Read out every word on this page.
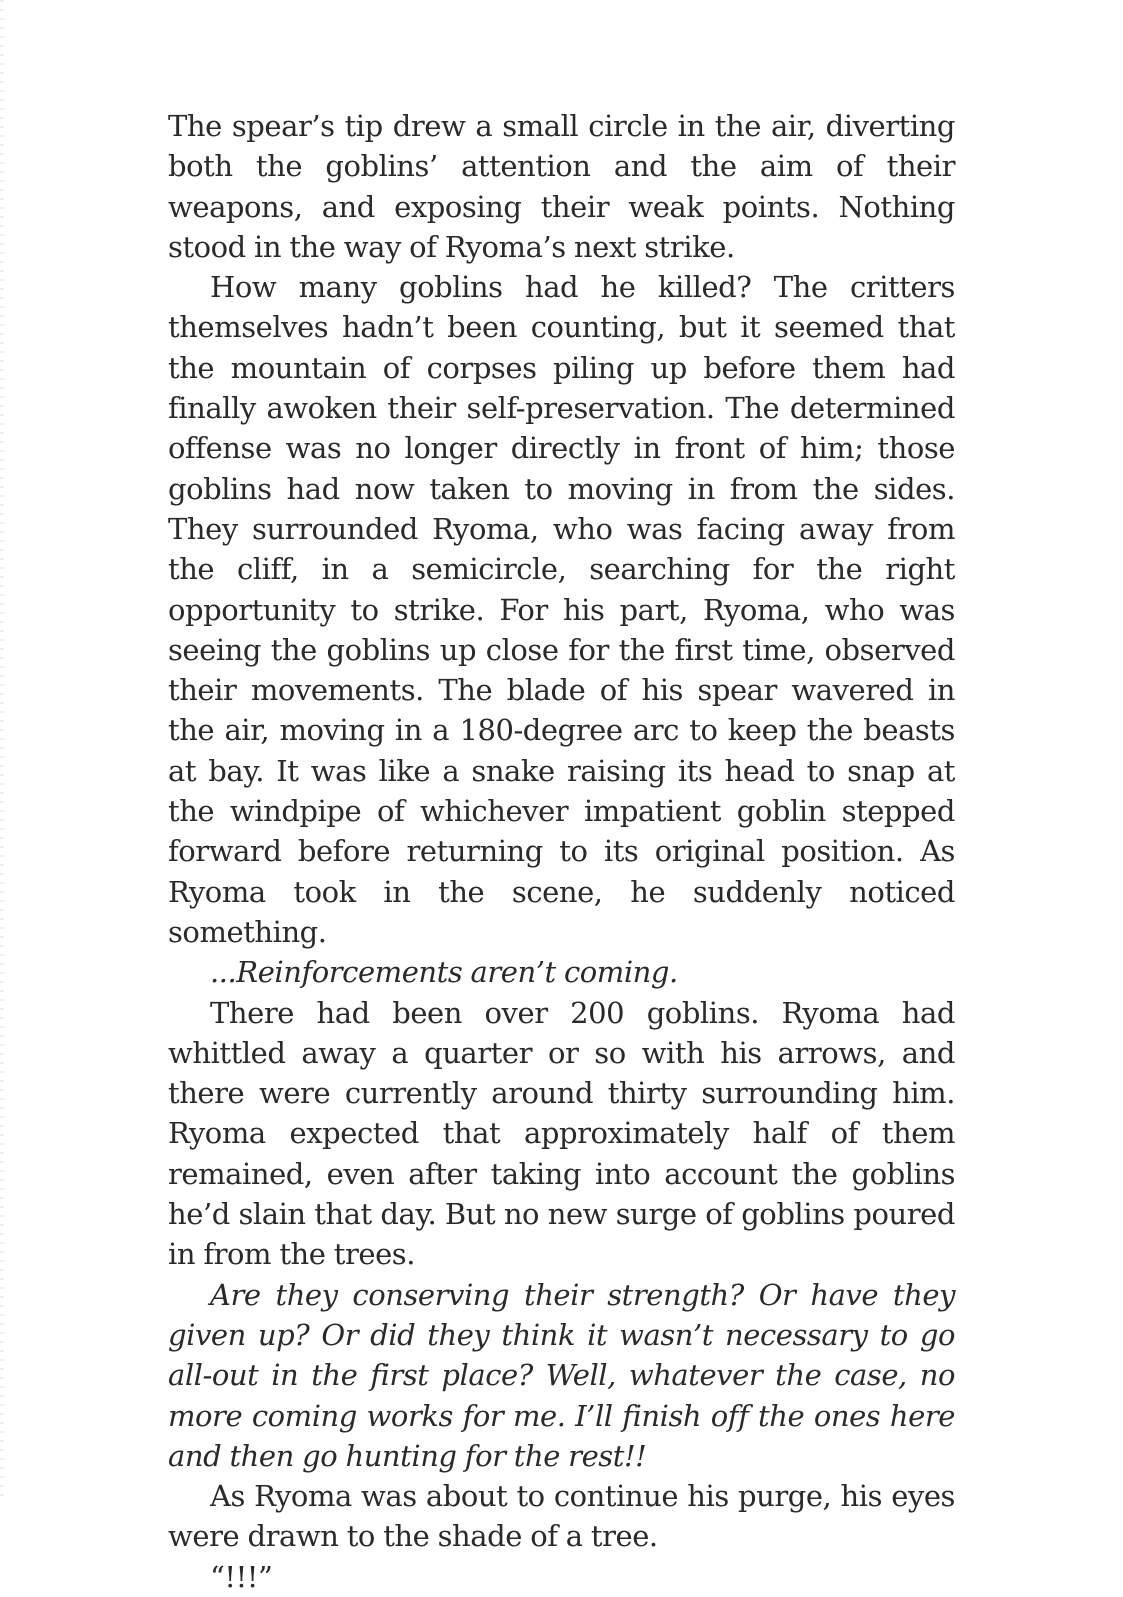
The spear’s tip drew a small circle in the air, diverting both the goblins’ attention and the aim of their weapons, and exposing their weak points. Nothing stood in the way of Ryoma’s next strike.

How many goblins had he killed? The critters themselves hadn’t been counting, but it seemed that the mountain of corpses piling up before them had finally awoken their self-preservation. The determined offense was no longer directly in front of him; those goblins had now taken to moving in from the sides. They surrounded Ryoma, who was facing away from the cliff, in a semicircle, searching for the right opportunity to strike. For his part, Ryoma, who was seeing the goblins up close for the first time, observed their movements. The blade of his spear wavered in the air, moving in a 180-degree arc to keep the beasts at bay. It was like a snake raising its head to snap at the windpipe of whichever impatient goblin stepped forward before returning to its original position. As Ryoma took in the scene, he suddenly noticed something.

...Reinforcements aren’t coming.

There had been over 200 goblins. Ryoma had whittled away a quarter or so with his arrows, and there were currently around thirty surrounding him. Ryoma expected that approximately half of them remained, even after taking into account the goblins he’d slain that day. But no new surge of goblins poured in from the trees.

Are they conserving their strength? Or have they given up? Or did they think it wasn’t necessary to go all-out in the first place? Well, whatever the case, no more coming works for me. I’ll finish off the ones here and then go hunting for the rest!!

As Ryoma was about to continue his purge, his eyes were drawn to the shade of a tree.

“!!!”
